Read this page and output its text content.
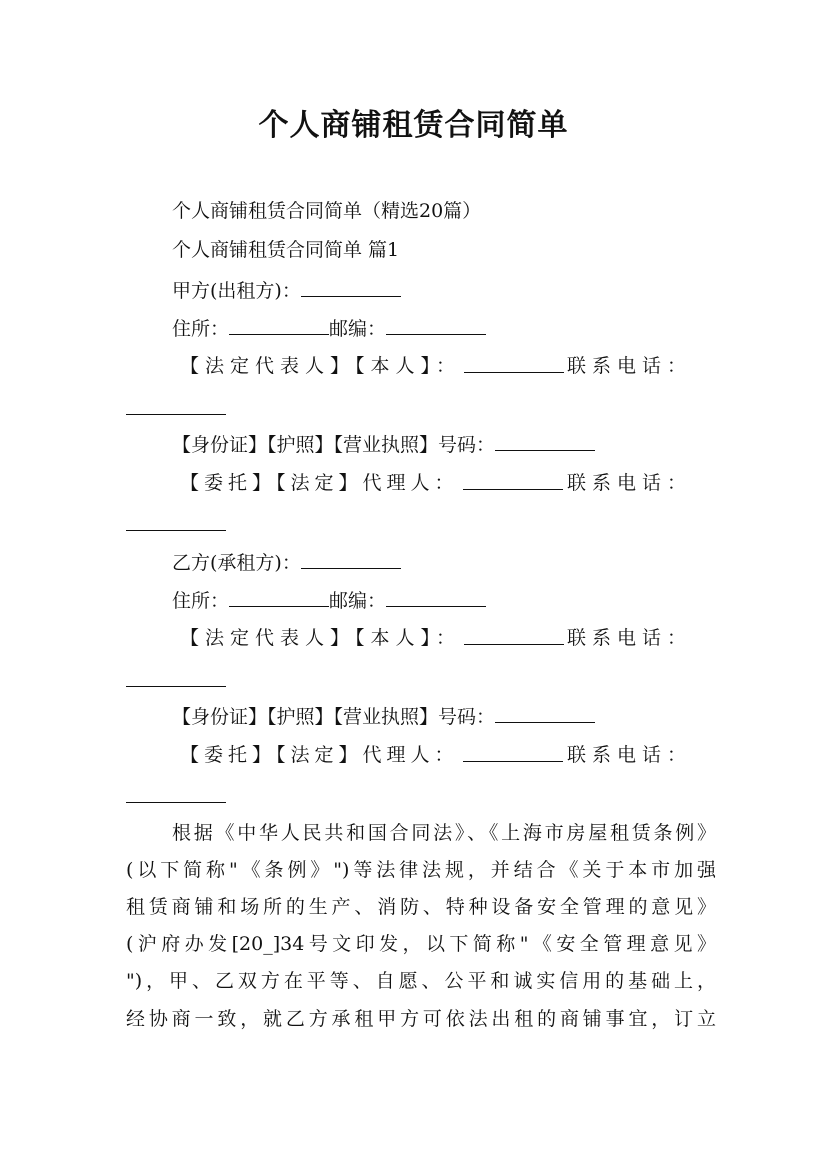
个人商铺租赁合同简单
个人商铺租赁合同简单（精选20篇）
个人商铺租赁合同简单 篇1
甲方(出租方)：
住所：	邮编：
【法定代表人】【本人】：	联系电话：
【身份证】【护照】【营业执照】号码：
【委托】【法定】代理人：	联系电话：
乙方(承租方)：
住所：	邮编：
【法定代表人】【本人】：	联系电话：
【身份证】【护照】【营业执照】号码：
【委托】【法定】代理人：	联系电话：
根据《中华人民共和国合同法》、《上海市房屋租赁条例》
(以下简称"《条例》")等法律法规，并结合《关于本市加强
租赁商铺和场所的生产、消防、特种设备安全管理的意见》
(沪府办发[20_]34号文印发，以下简称"《安全管理意见》
")，甲、乙双方在平等、自愿、公平和诚实信用的基础上，
经协商一致，就乙方承租甲方可依法出租的商铺事宜，订立
